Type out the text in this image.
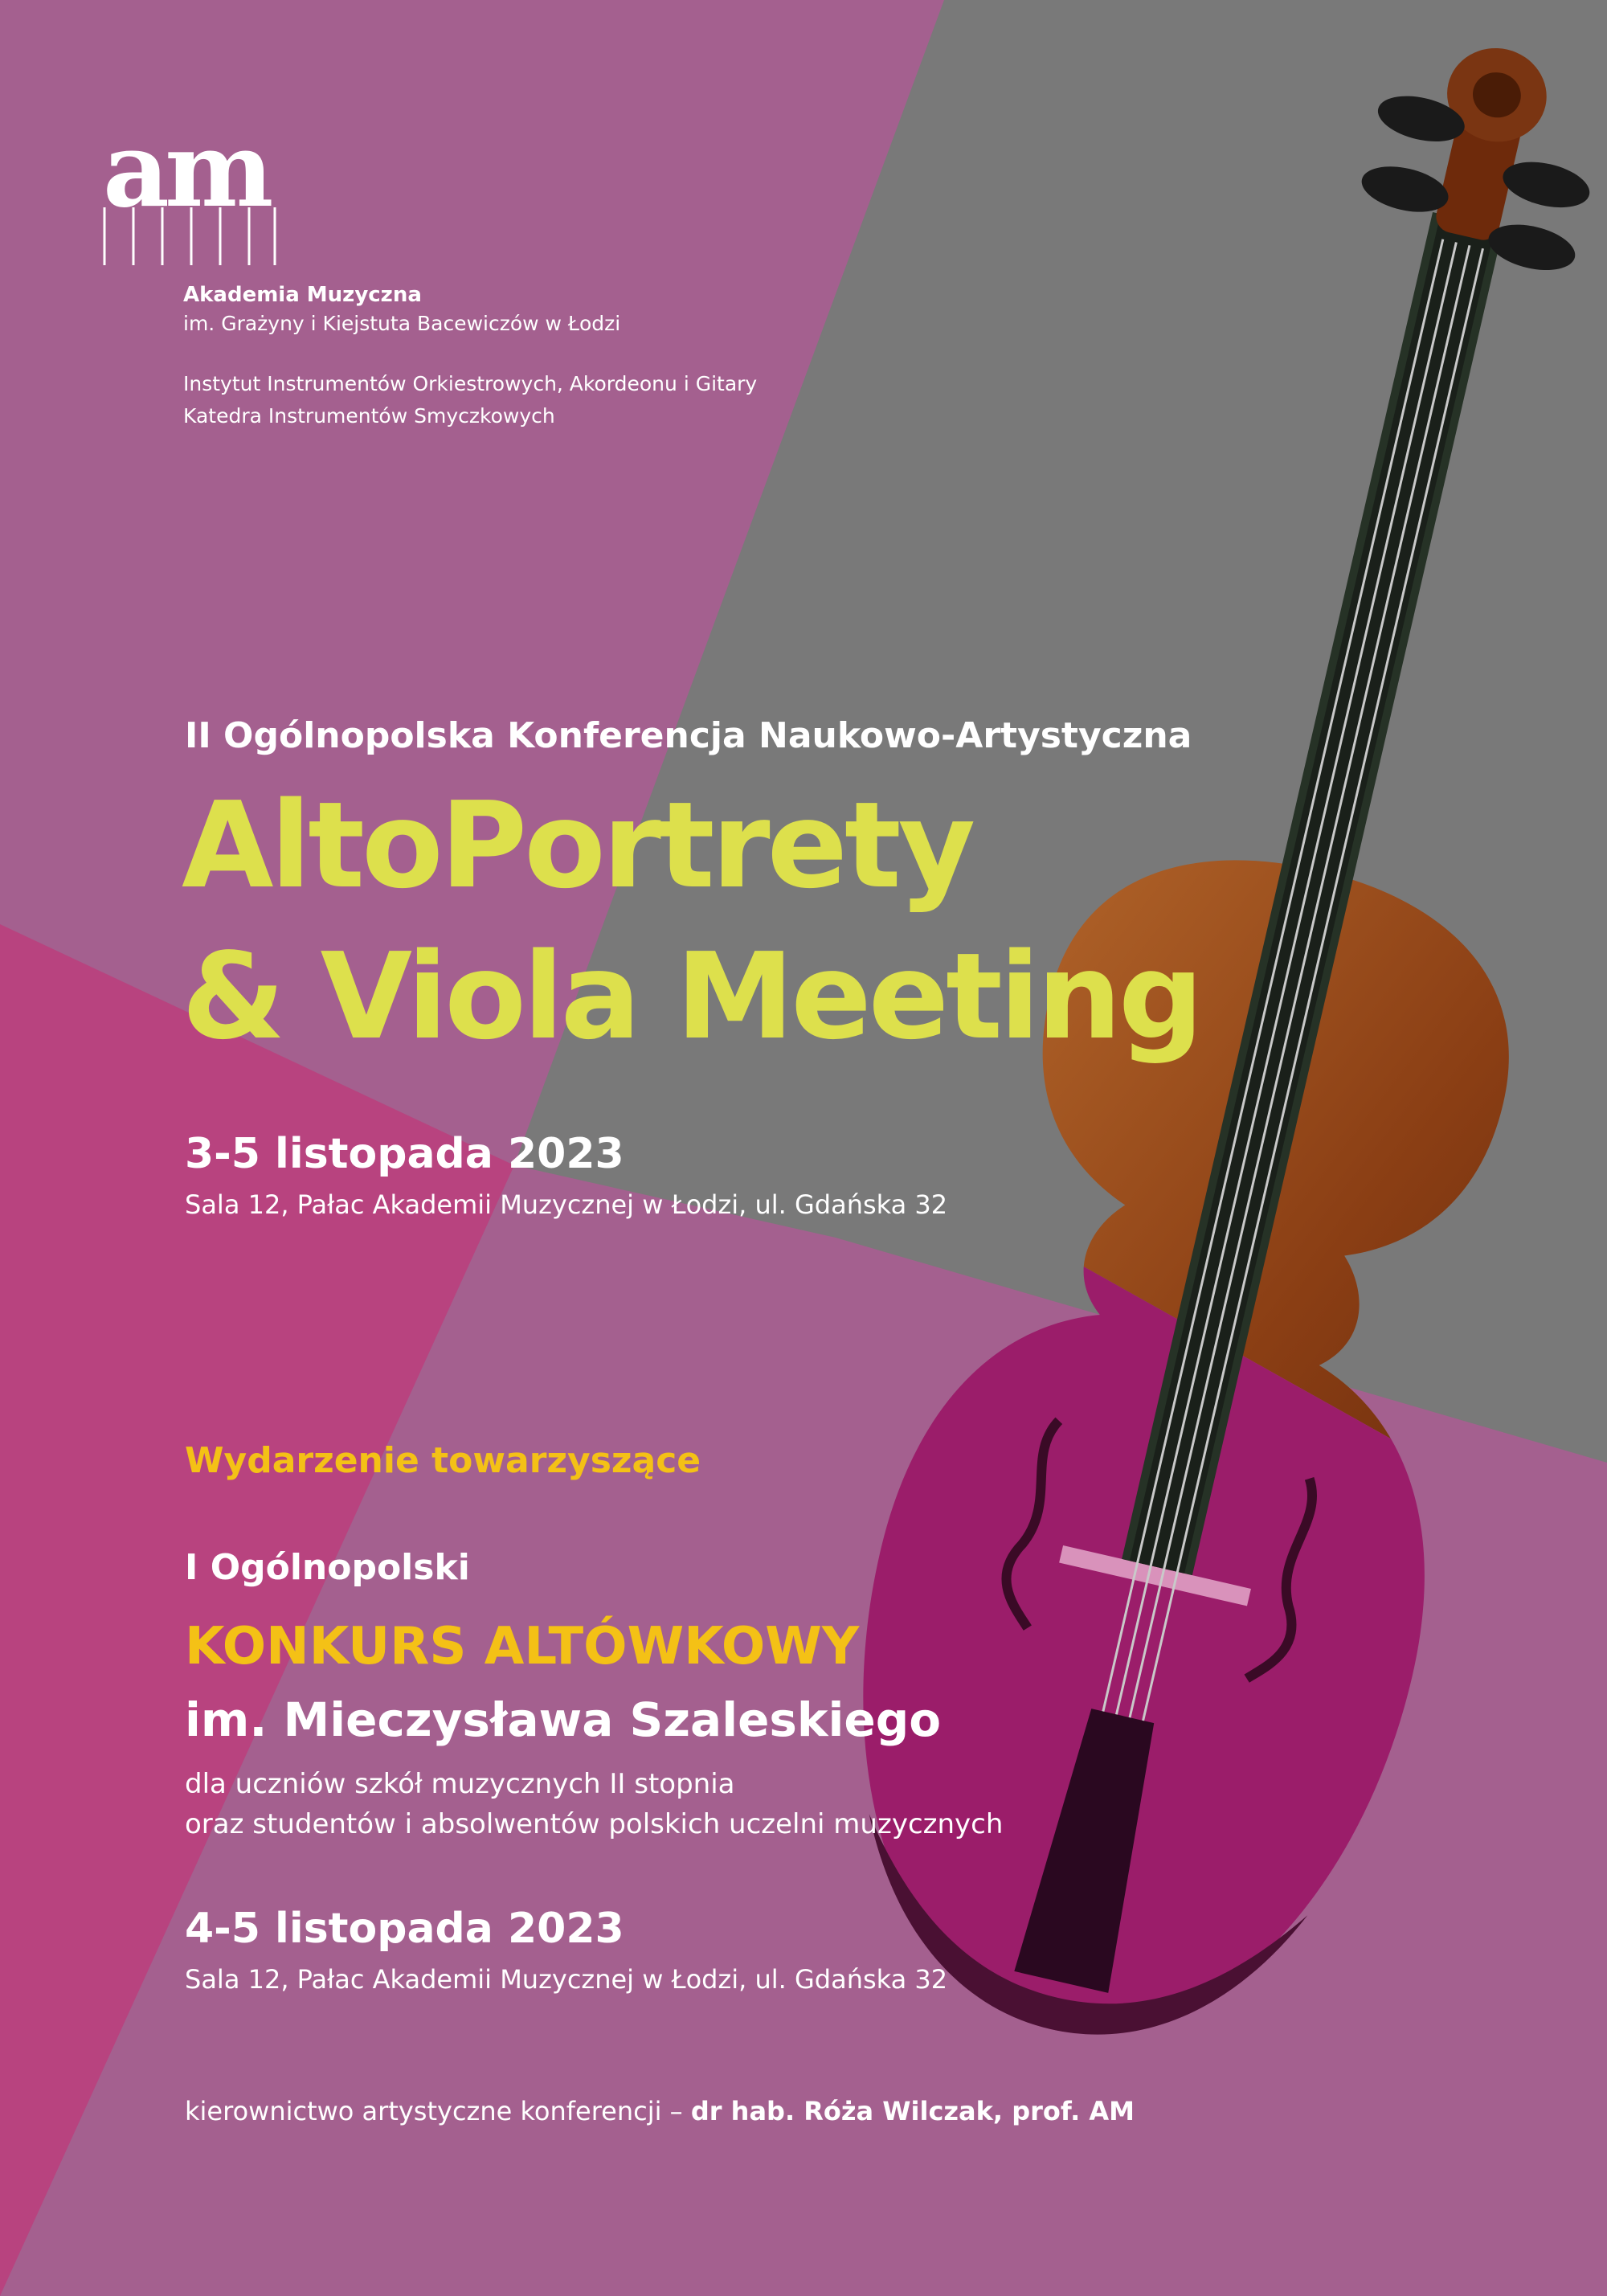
am
Akademia Muzyczna
im. Grażyny i Kiejstuta Bacewiczów w Łodzi
Instytut Instrumentów Orkiestrowych, Akordeonu i Gitary
Katedra Instrumentów Smyczkowych
II Ogólnopolska Konferencja Naukowo-Artystyczna
AltoPortrety
& Viola Meeting
3-5 listopada 2023
Sala 12, Pałac Akademii Muzycznej w Łodzi, ul. Gdańska 32
Wydarzenie towarzyszące
I Ogólnopolski
KONKURS ALTÓWKOWY
im. Mieczysława Szaleskiego
dla uczniów szkół muzycznych II stopnia
oraz studentów i absolwentów polskich uczelni muzycznych
4-5 listopada 2023
Sala 12, Pałac Akademii Muzycznej w Łodzi, ul. Gdańska 32
kierownictwo artystyczne konferencji – dr hab. Róża Wilczak, prof. AM
